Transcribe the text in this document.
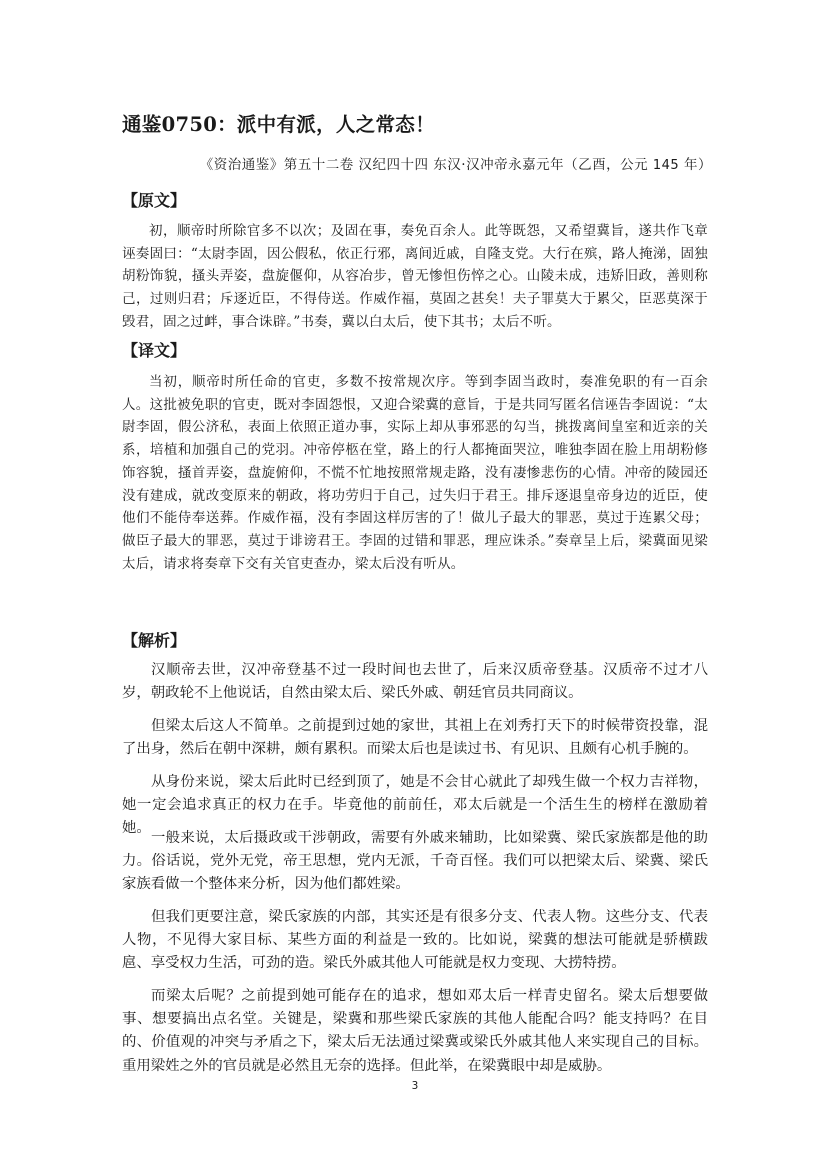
通鉴0750：派中有派，人之常态！

《资治通鉴》第五十二卷 汉纪四十四 东汉·汉冲帝永嘉元年（乙酉，公元 145 年）

【原文】

初，顺帝时所除官多不以次；及固在事，奏免百余人。此等既怨，又希望冀旨，遂共作飞章诬奏固曰：“太尉李固，因公假私，依正行邪，离间近戚，自隆支党。大行在殡，路人掩涕，固独胡粉饰貌，搔头弄姿，盘旋偃仰，从容冶步，曾无惨怛伤悴之心。山陵未成，违矫旧政，善则称己，过则归君；斥逐近臣，不得侍送。作威作福，莫固之甚矣！夫子罪莫大于累父，臣恶莫深于毁君，固之过衅，事合诛辟。”书奏，冀以白太后，使下其书；太后不听。

【译文】

当初，顺帝时所任命的官吏，多数不按常规次序。等到李固当政时，奏准免职的有一百余人。这批被免职的官吏，既对李固怨恨，又迎合梁冀的意旨，于是共同写匿名信诬告李固说：“太尉李固，假公济私，表面上依照正道办事，实际上却从事邪恶的勾当，挑拨离间皇室和近亲的关系，培植和加强自己的党羽。冲帝停柩在堂，路上的行人都掩面哭泣，唯独李固在脸上用胡粉修饰容貌，搔首弄姿，盘旋俯仰，不慌不忙地按照常规走路，没有凄惨悲伤的心情。冲帝的陵园还没有建成，就改变原来的朝政，将功劳归于自己，过失归于君王。排斥逐退皇帝身边的近臣，使他们不能侍奉送葬。作威作福，没有李固这样厉害的了！做儿子最大的罪恶，莫过于连累父母；做臣子最大的罪恶，莫过于诽谤君王。李固的过错和罪恶，理应诛杀。”奏章呈上后，梁冀面见梁太后，请求将奏章下交有关官吏查办，梁太后没有听从。

【解析】

汉顺帝去世，汉冲帝登基不过一段时间也去世了，后来汉质帝登基。汉质帝不过才八岁，朝政轮不上他说话，自然由梁太后、梁氏外戚、朝廷官员共同商议。

但梁太后这人不简单。之前提到过她的家世，其祖上在刘秀打天下的时候带资投靠，混了出身，然后在朝中深耕，颇有累积。而梁太后也是读过书、有见识、且颇有心机手腕的。

从身份来说，梁太后此时已经到顶了，她是不会甘心就此了却残生做一个权力吉祥物，她一定会追求真正的权力在手。毕竟他的前前任，邓太后就是一个活生生的榜样在激励着她。

一般来说，太后摄政或干涉朝政，需要有外戚来辅助，比如梁冀、梁氏家族都是他的助力。俗话说，党外无党，帝王思想，党内无派，千奇百怪。我们可以把梁太后、梁冀、梁氏家族看做一个整体来分析，因为他们都姓梁。

但我们更要注意，梁氏家族的内部，其实还是有很多分支、代表人物。这些分支、代表人物，不见得大家目标、某些方面的利益是一致的。比如说，梁冀的想法可能就是骄横跋扈、享受权力生活，可劲的造。梁氏外戚其他人可能就是权力变现、大捞特捞。

而梁太后呢？之前提到她可能存在的追求，想如邓太后一样青史留名。梁太后想要做事、想要搞出点名堂。关键是，梁冀和那些梁氏家族的其他人能配合吗？能支持吗？在目的、价值观的冲突与矛盾之下，梁太后无法通过梁冀或梁氏外戚其他人来实现自己的目标。重用梁姓之外的官员就是必然且无奈的选择。但此举，在梁冀眼中却是威胁。

3
